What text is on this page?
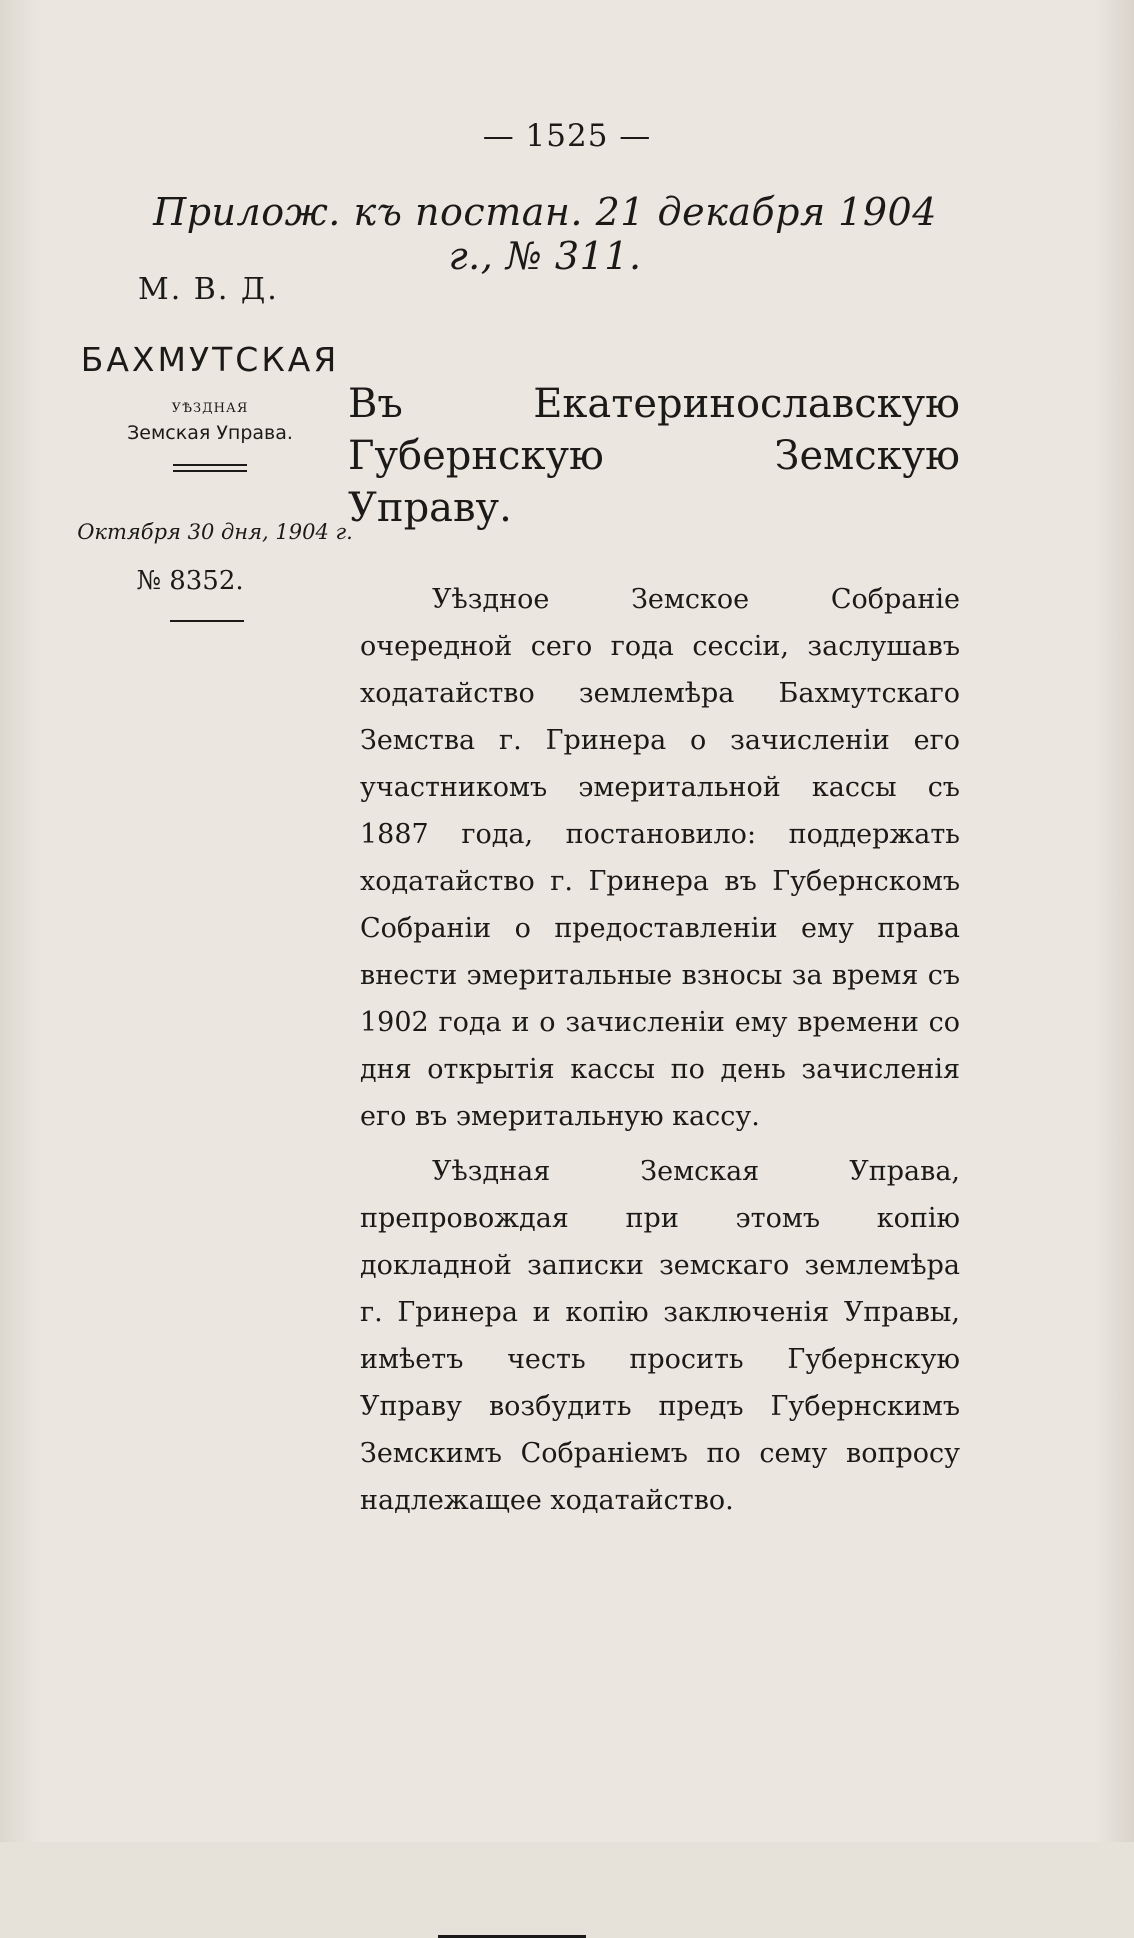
— 1525 —
Прилож. къ постан. 21 декабря 1904 г., № 311.
М. В. Д.
БАХМУТСКАЯ
УѢЗДНАЯ
Земская Управа.
Октября 30 дня, 1904 г.
№ 8352.
Въ Екатеринославскую Губернскую Земскую Управу.

Уѣздное Земское Собраніе очередной сего года сессіи, заслушавъ ходатайство землемѣра Бахмутскаго Земства г. Гринера о зачисленіи его участникомъ эмеритальной кассы съ 1887 года, постановило: поддержать ходатайство г. Гринера въ Губернскомъ Собраніи о предоставленіи ему права внести эмеритальные взносы за время съ 1902 года и о зачисленіи ему времени со дня открытія кассы по день зачисленія его въ эмеритальную кассу.

Уѣздная Земская Управа, препровождая при этомъ копію докладной записки земскаго землемѣра г. Гринера и копію заключенія Управы, имѣетъ честь просить Губернскую Управу возбудить предъ Губернскимъ Земскимъ Собраніемъ по сему вопросу надлежащее ходатайство.
